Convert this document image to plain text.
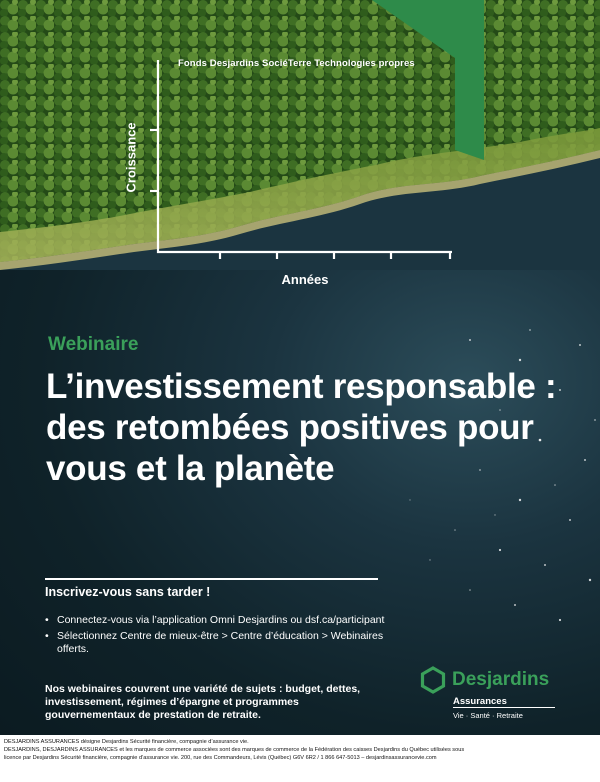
Fonds Desjardins SociéTerre Technologies propres
Croissance
Années
Webinaire
L’investissement responsable :
des retombées positives pour
vous et la planète
Inscrivez-vous sans tarder !
• Connectez-vous via l’application Omni Desjardins ou dsf.ca/participant
• Sélectionnez Centre de mieux-être > Centre d’éducation > Webinaires offerts.
Nos webinaires couvrent une variété de sujets : budget, dettes, investissement, régimes d’épargne et programmes gouvernementaux de prestation de retraite.
Desjardins
Assurances
Vie · Santé · Retraite

DESJARDINS ASSURANCES désigne Desjardins Sécurité financière, compagnie d’assurance vie.

DESJARDINS, DESJARDINS ASSURANCES et les marques de commerce associées sont des marques de commerce de la Fédération des caisses Desjardins du Québec utilisées sous

licence par Desjardins Sécurité financière, compagnie d’assurance vie. 200, rue des Commandeurs, Lévis (Québec) G6V 6R2 / 1 866 647-5013 – desjardinsassurancevie.com
